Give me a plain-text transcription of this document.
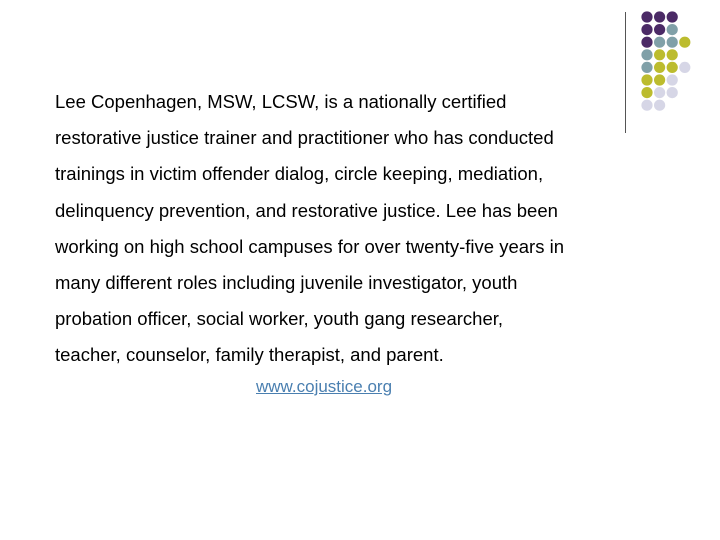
Lee Copenhagen, MSW, LCSW, is a nationally certified
restorative justice trainer and practitioner who has conducted
trainings in victim offender dialog, circle keeping, mediation,
delinquency prevention, and restorative justice. Lee has been
working on high school campuses for over twenty-five years in
many different roles including juvenile investigator, youth
probation officer, social worker, youth gang researcher,
teacher, counselor, family therapist, and parent.

www.cojustice.org
